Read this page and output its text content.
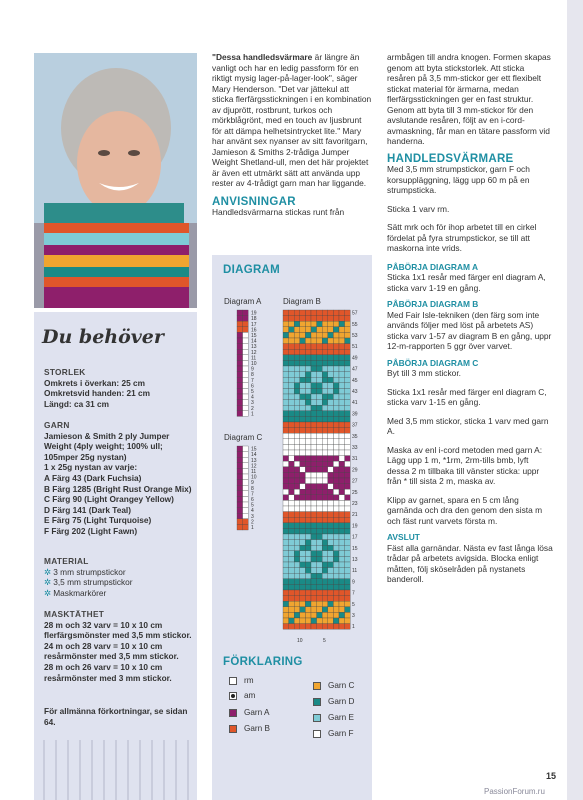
Du behöver
STORLEK
Omkrets i överkan: 25 cm
Omkretsvid handen: 21 cm
Längd: ca 31 cm
GARN
Jamieson & Smith 2 ply Jumper Weight (4ply weight; 100% ull; 105mper 25g nystan)
1 x 25g nystan av varje:
A Färg 43 (Dark Fuchsia)
B Färg 1285 (Bright Rust Orange Mix)
C Färg 90 (Light Orangey Yellow)
D Färg 141 (Dark Teal)
E Färg 75 (Light Turquoise)
F Färg 202 (Light Fawn)
MATERIAL
✲ 3 mm strumpstickor
✲ 3,5 mm strumpstickor
✲ Maskmarkörer
MASKTÄTHET
28 m och 32 varv = 10 x 10 cm flerfärgsmönster med 3,5 mm stickor.
24 m och 28 varv = 10 x 10 cm resårmönster med 3,5 mm stickor.
28 m och 26 varv = 10 x 10 cm resårmönster med 3 mm stickor.
För allmänna förkortningar, se sidan 64.

"Dessa handledsvärmare är längre än vanligt och har en ledig passform för en riktigt mysig lager-på-lager-look", säger Mary Henderson. "Det var jättekul att sticka flerfärgsstickningen i en kombination av djuprött, rostbrunt, turkos och mörkblågrönt, med en touch av ljusbrunt för att dämpa helhetsintrycket lite." Mary har använt sex nyanser av sitt favoritgarn, Jamieson & Smiths 2-trådiga Jumper Weight Shetland-ull, men det här projektet är även ett utmärkt sätt att använda upp rester av 4-trådigt garn man har liggande.

ANVISNINGAR

Handledsvärmarna stickas runt från

armbågen till andra knogen. Formen skapas genom att byta stickstorlek. Att sticka resåren på 3,5 mm-stickor ger ett flexibelt stickat material för ärmarna, medan flerfärgsstickningen ger en fast struktur. Genom att byta till 3 mm-stickor för den avslutande resåren, följt av en i-cord-avmaskning, får man en tätare passform vid handerna.

HANDLEDSVÄRMARE

Med 3,5 mm strumpstickor, garn F och korsuppläggning, lägg upp 60 m på en strumpsticka.

Sticka 1 varv rm.

Sätt mrk och för ihop arbetet till en cirkel fördelat på fyra strumpstickor, se till att maskorna inte vrids.

PÅBÖRJA DIAGRAM A

Sticka 1x1 resår med färger enl diagram A, sticka varv 1-19 en gång.

PÅBÖRJA DIAGRAM B

Med Fair Isle-tekniken (den färg som inte används följer med löst på arbetets AS) sticka varv 1-57 av diagram B en gång, uppr 12-m-rapporten 5 ggr över varvet.

PÅBÖRJA DIAGRAM C

Byt till 3 mm stickor.

Sticka 1x1 resår med färger enl diagram C, sticka varv 1-15 en gång.

Med 3,5 mm stickor, sticka 1 varv med garn A.

Maska av enl i-cord metoden med garn A: Lägg upp 1 m, *1rm, 2rm-tills bmb, lyft dessa 2 m tillbaka till vänster sticka: uppr från * till sista 2 m, maska av.

Klipp av garnet, spara en 5 cm lång garnända och dra den genom den sista m och fäst runt varvets första m.

AVSLUT

Fäst alla garnändar. Nästa ev fast långa lösa trådar på arbetets avigsida. Blocka enligt måtten, följ sköselråden på nystanets banderoll.

DIAGRAM
Diagram A	Diagram B
Diagram C
19
18
17
16
15
14
13
12
11
10
9
8
7
6
5
4
3
2
1
15
14
13
12
11
10
9
8
7
6
5
4
3
2
1
57
55
53
51
49
47
45
43
41
39
37
35
33
31
29
27
25
23
21
19
17
15
13
11
9
7
5
3
1
10	5
FÖRKLARING
rm
am
Garn A
Garn B
Garn C
Garn D
Garn E
Garn F
15
PassionForum.ru
